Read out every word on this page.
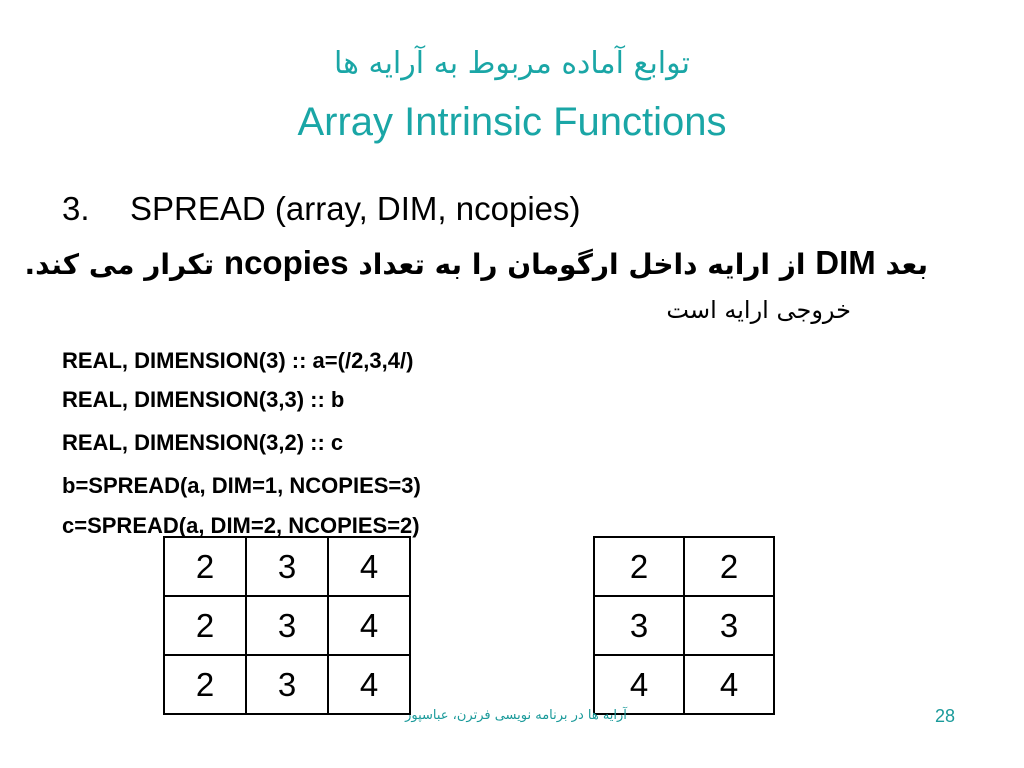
توابع آماده مربوط به آرایه ها
Array Intrinsic Functions
3. SPREAD (array, DIM, ncopies)
بعد DIM از ارایه داخل ارگومان را به تعداد ncopies تکرار می کند.
خروجی ارایه است
REAL, DIMENSION(3) :: a=(/2,3,4/)
REAL, DIMENSION(3,3) :: b
REAL, DIMENSION(3,2) :: c
b=SPREAD(a, DIM=1, NCOPIES=3)
c=SPREAD(a, DIM=2, NCOPIES=2)
2	3	4
2	3	4
2	3	4
2	2
3	3
4	4
آرایه ها در برنامه نویسی فرترن، عباسپور	28
